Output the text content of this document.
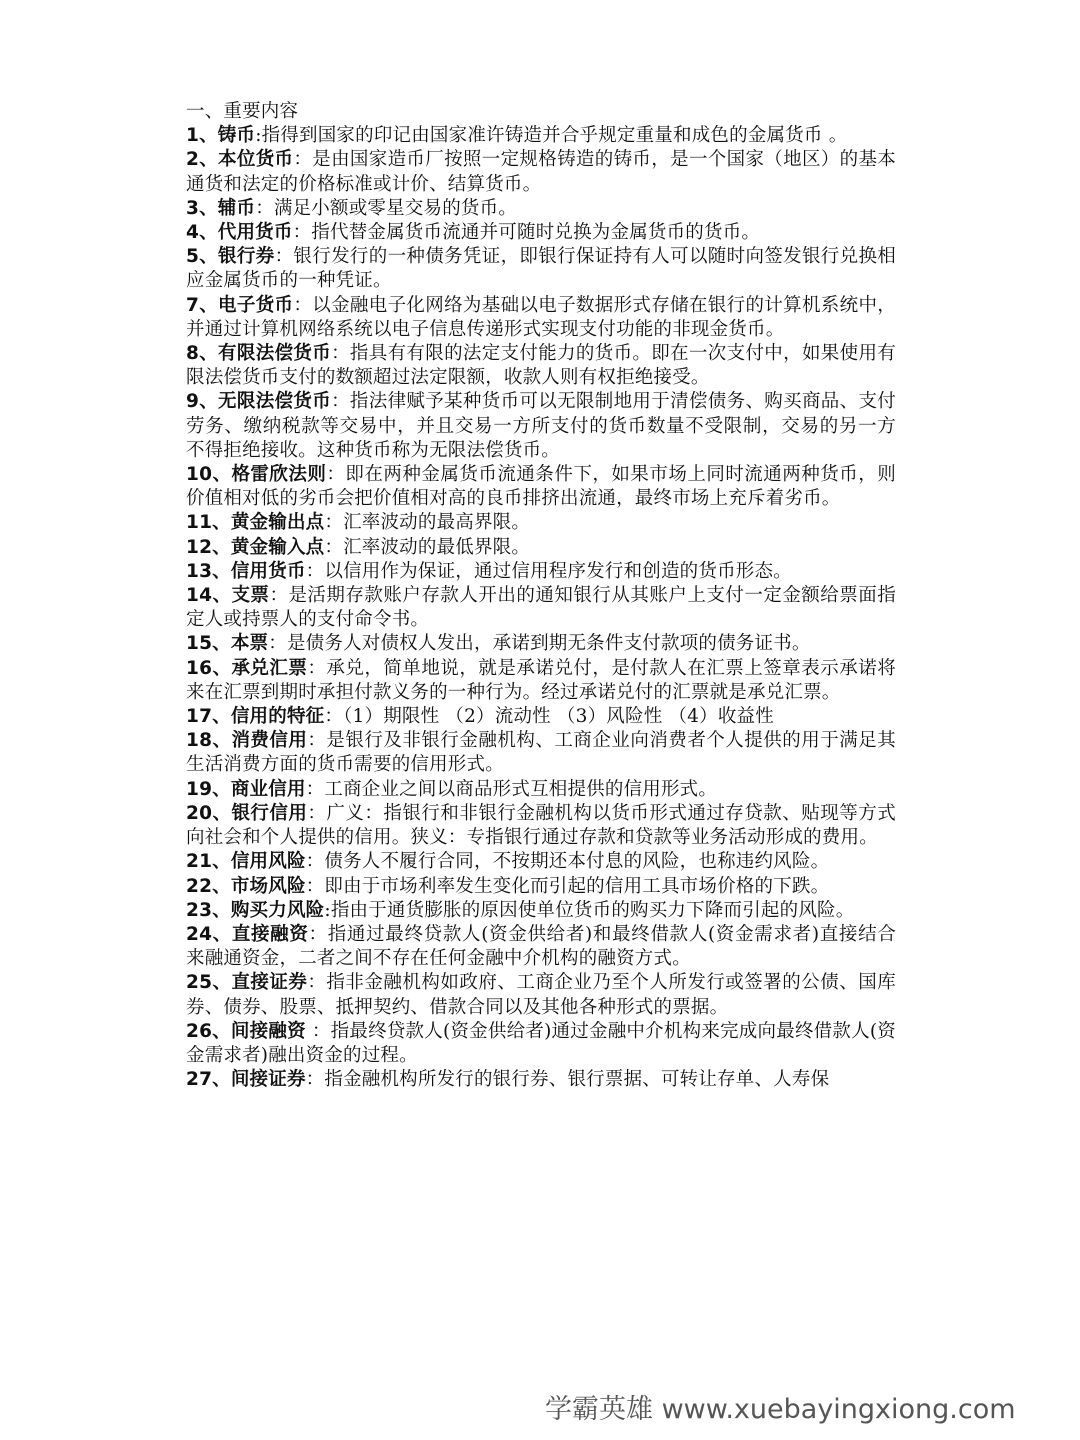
一、重要内容

1、铸币:指得到国家的印记由国家准许铸造并合乎规定重量和成色的金属货币 。

2、本位货币：是由国家造币厂按照一定规格铸造的铸币，是一个国家（地区）的基本通货和法定的价格标准或计价、结算货币。

3、辅币：满足小额或零星交易的货币。

4、代用货币：指代替金属货币流通并可随时兑换为金属货币的货币。

5、银行券：银行发行的一种债务凭证，即银行保证持有人可以随时向签发银行兑换相应金属货币的一种凭证。

7、电子货币：以金融电子化网络为基础以电子数据形式存储在银行的计算机系统中，并通过计算机网络系统以电子信息传递形式实现支付功能的非现金货币。

8、有限法偿货币：指具有有限的法定支付能力的货币。即在一次支付中，如果使用有限法偿货币支付的数额超过法定限额，收款人则有权拒绝接受。

9、无限法偿货币：指法律赋予某种货币可以无限制地用于清偿债务、购买商品、支付劳务、缴纳税款等交易中，并且交易一方所支付的货币数量不受限制，交易的另一方不得拒绝接收。这种货币称为无限法偿货币。

10、格雷欣法则：即在两种金属货币流通条件下，如果市场上同时流通两种货币，则价值相对低的劣币会把价值相对高的良币排挤出流通，最终市场上充斥着劣币。

11、黄金输出点：汇率波动的最高界限。

12、黄金输入点：汇率波动的最低界限。

13、信用货币：以信用作为保证，通过信用程序发行和创造的货币形态。

14、支票：是活期存款账户存款人开出的通知银行从其账户上支付一定金额给票面指定人或持票人的支付命令书。

15、本票：是债务人对债权人发出，承诺到期无条件支付款项的债务证书。

16、承兑汇票：承兑，简单地说，就是承诺兑付，是付款人在汇票上签章表示承诺将来在汇票到期时承担付款义务的一种行为。经过承诺兑付的汇票就是承兑汇票。

17、信用的特征：（1）期限性 （2）流动性 （3）风险性 （4）收益性

18、消费信用：是银行及非银行金融机构、工商企业向消费者个人提供的用于满足其生活消费方面的货币需要的信用形式。

19、商业信用：工商企业之间以商品形式互相提供的信用形式。

20、银行信用：广义：指银行和非银行金融机构以货币形式通过存贷款、贴现等方式向社会和个人提供的信用。狭义：专指银行通过存款和贷款等业务活动形成的费用。

21、信用风险：债务人不履行合同，不按期还本付息的风险，也称违约风险。

22、市场风险：即由于市场利率发生变化而引起的信用工具市场价格的下跌。

23、购买力风险:指由于通货膨胀的原因使单位货币的购买力下降而引起的风险。

24、直接融资：指通过最终贷款人(资金供给者)和最终借款人(资金需求者)直接结合来融通资金，二者之间不存在任何金融中介机构的融资方式。

25、直接证券：指非金融机构如政府、工商企业乃至个人所发行或签署的公债、国库券、债券、股票、抵押契约、借款合同以及其他各种形式的票据。

26、间接融资 ：指最终贷款人(资金供给者)通过金融中介机构来完成向最终借款人(资金需求者)融出资金的过程。

27、间接证券：指金融机构所发行的银行券、银行票据、可转让存单、人寿保

学霸英雄 www.xuebayingxiong.com
